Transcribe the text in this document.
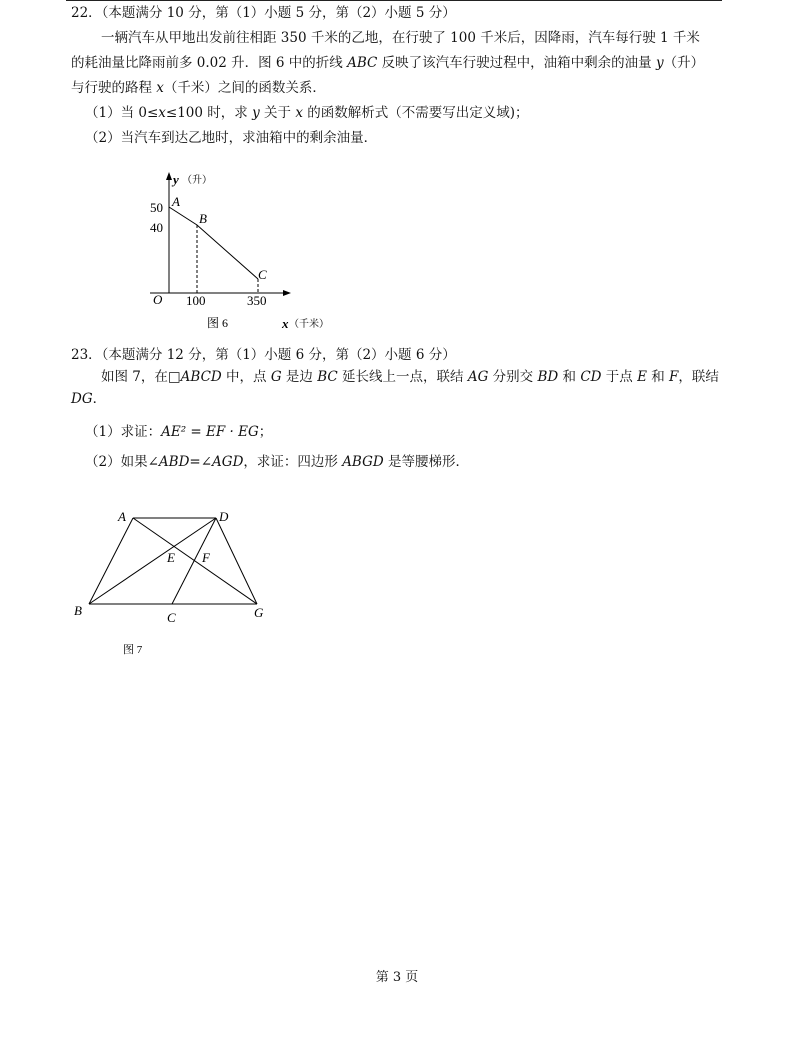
22．（本题满分 10 分，第（1）小题 5 分，第（2）小题 5 分）
一辆汽车从甲地出发前往相距 350 千米的乙地，在行驶了 100 千米后，因降雨，汽车每行驶 1 千米
的耗油量比降雨前多 0.02 升．图 6 中的折线 ABC 反映了该汽车行驶过程中，油箱中剩余的油量 y（升）
与行驶的路程 x（千米）之间的函数关系．
（1）当 0≤x≤100 时，求 y 关于 x 的函数解析式（不需要写出定义域)；
（2）当汽车到达乙地时，求油箱中的剩余油量．
y （升）
50
40
A
B
C
O 100	350
图 6	x （千米）
A	D
E F
B	C	G
图 7
23．（本题满分 12 分，第（1）小题 6 分，第（2）小题 6 分）
如图 7，在□ABCD 中，点 G 是边 BC 延长线上一点，联结 AG 分别交 BD 和 CD 于点 E 和 F，联结
DG．
（1）求证：AE² = EF · EG；
（2）如果∠ABD=∠AGD，求证：四边形 ABGD 是等腰梯形．
第 3 页
